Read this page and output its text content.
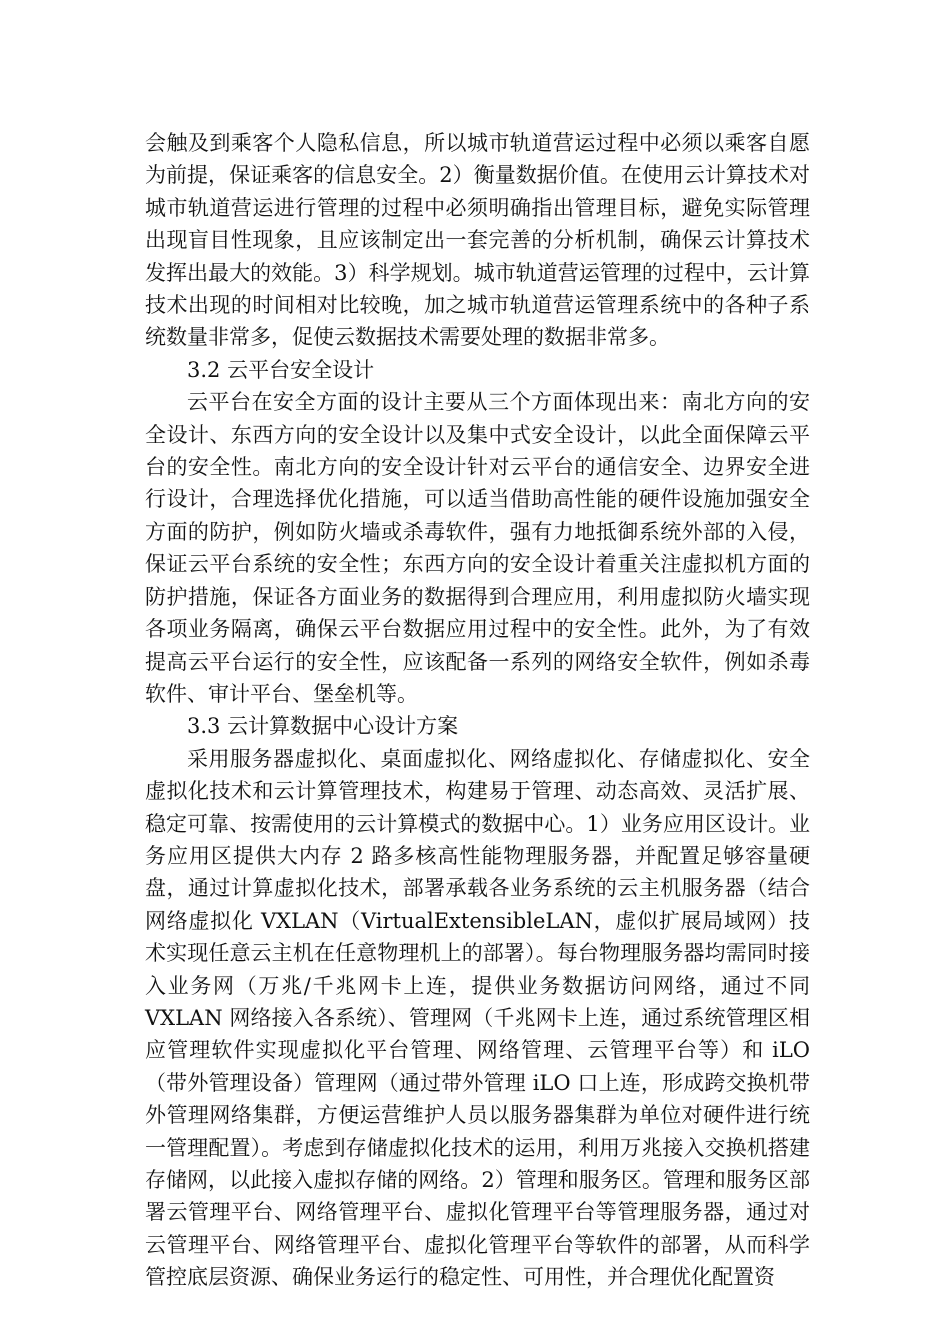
会触及到乘客个人隐私信息，所以城市轨道营运过程中必须以乘客自愿为前提，保证乘客的信息安全。2）衡量数据价值。在使用云计算技术对城市轨道营运进行管理的过程中必须明确指出管理目标，避免实际管理出现盲目性现象，且应该制定出一套完善的分析机制，确保云计算技术发挥出最大的效能。3）科学规划。城市轨道营运管理的过程中，云计算技术出现的时间相对比较晚，加之城市轨道营运管理系统中的各种子系统数量非常多，促使云数据技术需要处理的数据非常多。

3.2 云平台安全设计

云平台在安全方面的设计主要从三个方面体现出来：南北方向的安全设计、东西方向的安全设计以及集中式安全设计，以此全面保障云平台的安全性。南北方向的安全设计针对云平台的通信安全、边界安全进行设计，合理选择优化措施，可以适当借助高性能的硬件设施加强安全方面的防护，例如防火墙或杀毒软件，强有力地抵御系统外部的入侵，保证云平台系统的安全性；东西方向的安全设计着重关注虚拟机方面的防护措施，保证各方面业务的数据得到合理应用，利用虚拟防火墙实现各项业务隔离，确保云平台数据应用过程中的安全性。此外，为了有效提高云平台运行的安全性，应该配备一系列的网络安全软件，例如杀毒软件、审计平台、堡垒机等。

3.3 云计算数据中心设计方案

采用服务器虚拟化、桌面虚拟化、网络虚拟化、存储虚拟化、安全虚拟化技术和云计算管理技术，构建易于管理、动态高效、灵活扩展、稳定可靠、按需使用的云计算模式的数据中心。1）业务应用区设计。业务应用区提供大内存 2 路多核高性能物理服务器，并配置足够容量硬盘，通过计算虚拟化技术，部署承载各业务系统的云主机服务器（结合网络虚拟化 VXLAN（VirtualExtensibleLAN，虚似扩展局域网）技术实现任意云主机在任意物理机上的部署）。每台物理服务器均需同时接入业务网（万兆/千兆网卡上连，提供业务数据访问网络，通过不同 VXLAN 网络接入各系统）、管理网（千兆网卡上连，通过系统管理区相应管理软件实现虚拟化平台管理、网络管理、云管理平台等）和 iLO（带外管理设备）管理网（通过带外管理 iLO 口上连，形成跨交换机带外管理网络集群，方便运营维护人员以服务器集群为单位对硬件进行统一管理配置）。考虑到存储虚拟化技术的运用，利用万兆接入交换机搭建存储网，以此接入虚拟存储的网络。2）管理和服务区。管理和服务区部署云管理平台、网络管理平台、虚拟化管理平台等管理服务器，通过对云管理平台、网络管理平台、虚拟化管理平台等软件的部署，从而科学管控底层资源、确保业务运行的稳定性、可用性，并合理优化配置资
